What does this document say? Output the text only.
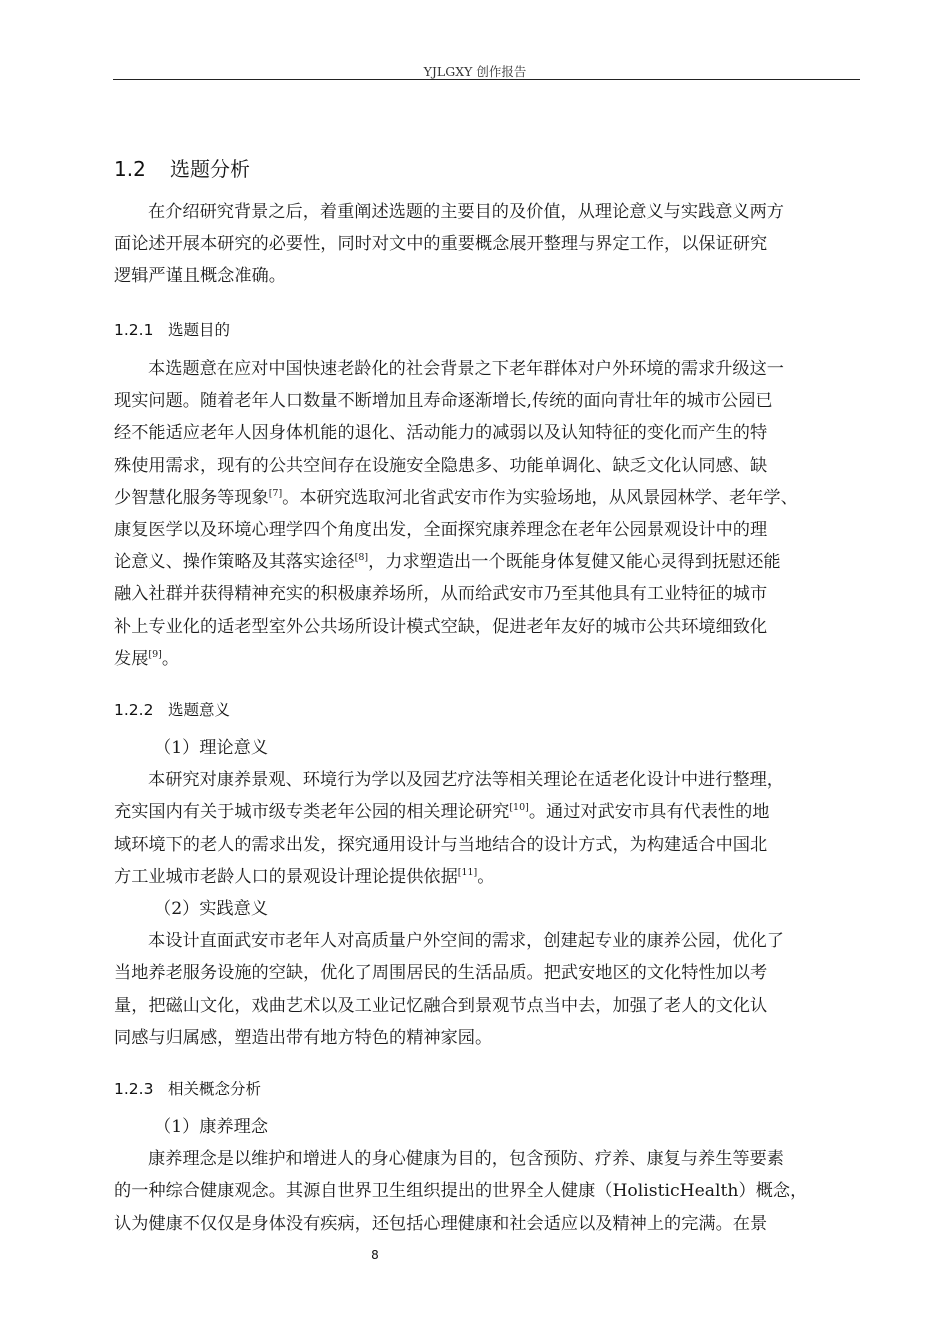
YJLGXY 创作报告
1.2 选题分析
在介绍研究背景之后，着重阐述选题的主要目的及价值，从理论意义与实践意义两方
面论述开展本研究的必要性，同时对文中的重要概念展开整理与界定工作，以保证研究
逻辑严谨且概念准确。
1.2.1 选题目的
本选题意在应对中国快速老龄化的社会背景之下老年群体对户外环境的需求升级这一
现实问题。随着老年人口数量不断增加且寿命逐渐增长,传统的面向青壮年的城市公园已
经不能适应老年人因身体机能的退化、活动能力的减弱以及认知特征的变化而产生的特
殊使用需求，现有的公共空间存在设施安全隐患多、功能单调化、缺乏文化认同感、缺
少智慧化服务等现象[7]。本研究选取河北省武安市作为实验场地，从风景园林学、老年学、
康复医学以及环境心理学四个角度出发，全面探究康养理念在老年公园景观设计中的理
论意义、操作策略及其落实途径[8]，力求塑造出一个既能身体复健又能心灵得到抚慰还能
融入社群并获得精神充实的积极康养场所，从而给武安市乃至其他具有工业特征的城市
补上专业化的适老型室外公共场所设计模式空缺，促进老年友好的城市公共环境细致化
发展[9]。
1.2.2 选题意义
（1）理论意义
本研究对康养景观、环境行为学以及园艺疗法等相关理论在适老化设计中进行整理，
充实国内有关于城市级专类老年公园的相关理论研究[10]。通过对武安市具有代表性的地
域环境下的老人的需求出发，探究通用设计与当地结合的设计方式，为构建适合中国北
方工业城市老龄人口的景观设计理论提供依据[11]。
（2）实践意义
本设计直面武安市老年人对高质量户外空间的需求，创建起专业的康养公园，优化了
当地养老服务设施的空缺，优化了周围居民的生活品质。把武安地区的文化特性加以考
量，把磁山文化，戏曲艺术以及工业记忆融合到景观节点当中去，加强了老人的文化认
同感与归属感，塑造出带有地方特色的精神家园。
1.2.3 相关概念分析
（1）康养理念
康养理念是以维护和增进人的身心健康为目的，包含预防、疗养、康复与养生等要素
的一种综合健康观念。其源自世界卫生组织提出的世界全人健康（HolisticHealth）概念，
认为健康不仅仅是身体没有疾病，还包括心理健康和社会适应以及精神上的完满。在景
8
